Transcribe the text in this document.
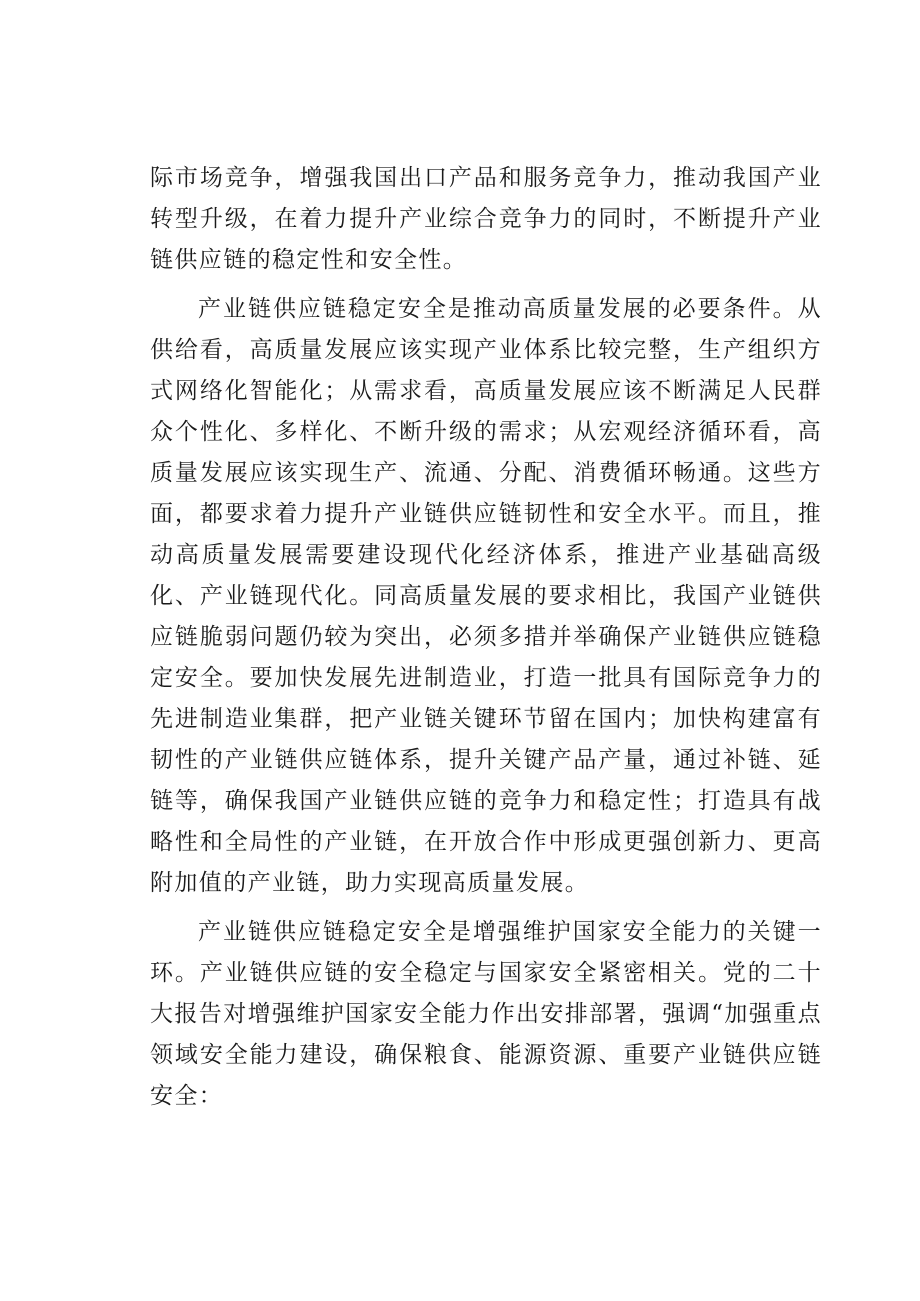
际市场竞争，增强我国出口产品和服务竞争力，推动我国产业转型升级，在着力提升产业综合竞争力的同时，不断提升产业链供应链的稳定性和安全性。

产业链供应链稳定安全是推动高质量发展的必要条件。从供给看，高质量发展应该实现产业体系比较完整，生产组织方式网络化智能化；从需求看，高质量发展应该不断满足人民群众个性化、多样化、不断升级的需求；从宏观经济循环看，高质量发展应该实现生产、流通、分配、消费循环畅通。这些方面，都要求着力提升产业链供应链韧性和安全水平。而且，推动高质量发展需要建设现代化经济体系，推进产业基础高级化、产业链现代化。同高质量发展的要求相比，我国产业链供应链脆弱问题仍较为突出，必须多措并举确保产业链供应链稳定安全。要加快发展先进制造业，打造一批具有国际竞争力的先进制造业集群，把产业链关键环节留在国内；加快构建富有韧性的产业链供应链体系，提升关键产品产量，通过补链、延链等，确保我国产业链供应链的竞争力和稳定性；打造具有战略性和全局性的产业链，在开放合作中形成更强创新力、更高附加值的产业链，助力实现高质量发展。

产业链供应链稳定安全是增强维护国家安全能力的关键一环。产业链供应链的安全稳定与国家安全紧密相关。党的二十大报告对增强维护国家安全能力作出安排部署，强调“加强重点领域安全能力建设，确保粮食、能源资源、重要产业链供应链安全：
